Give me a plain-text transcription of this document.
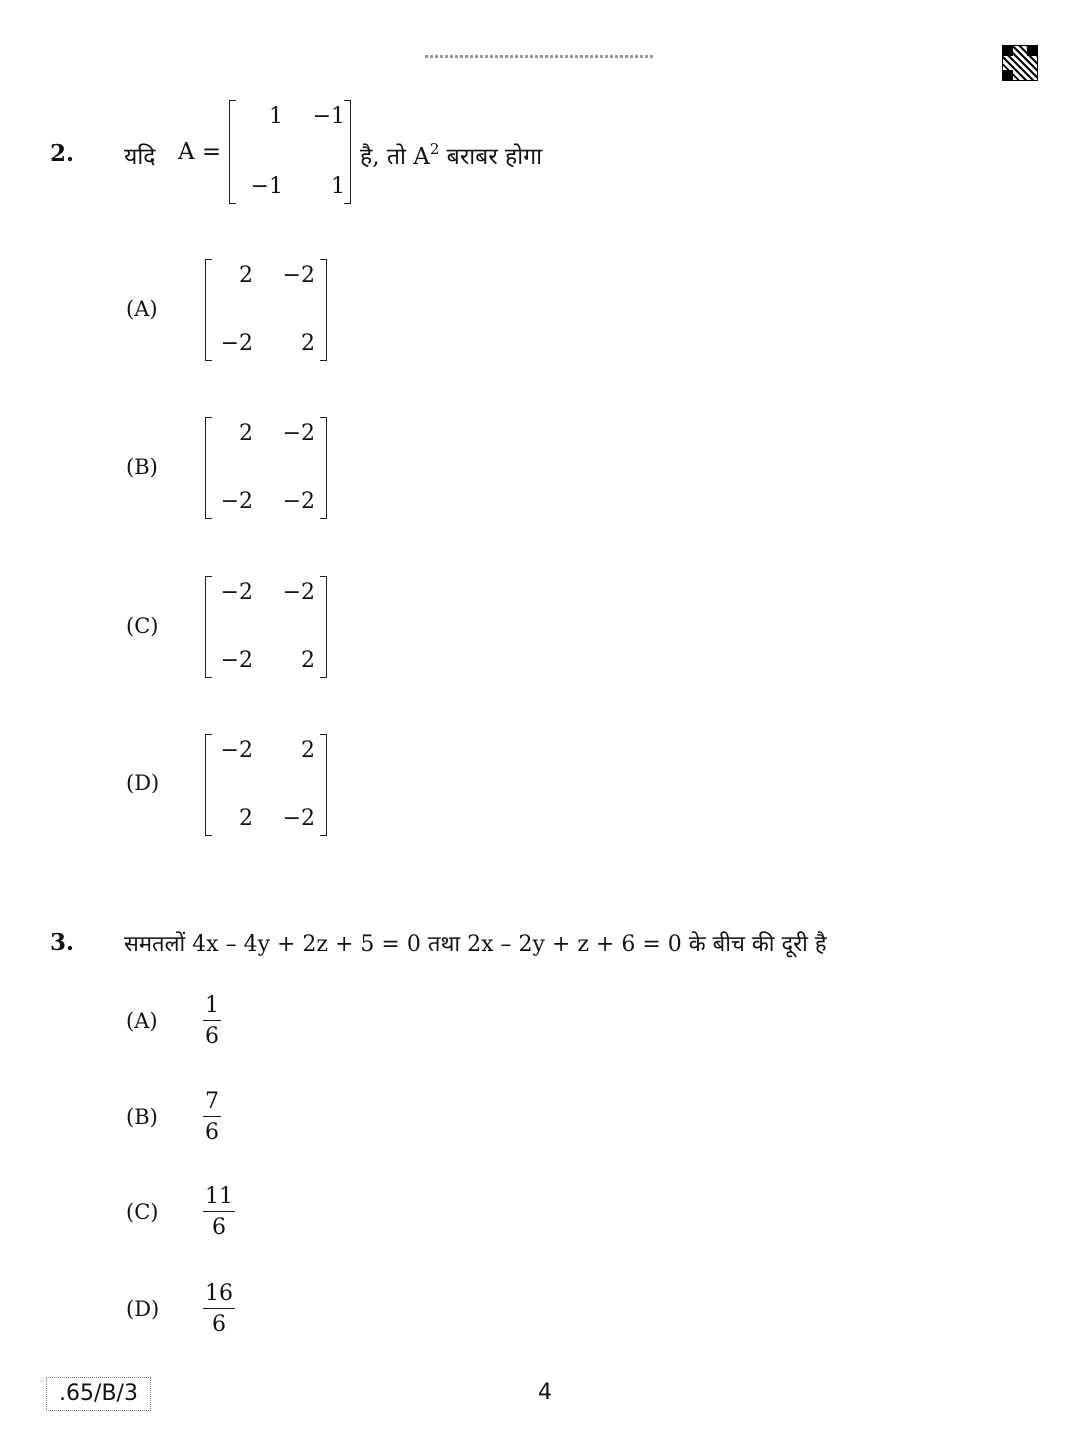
2. यदि A =
1	−1
−1	1
है, तो $A^2$ बराबर होगा
(A)
2	−2
−2	2
(B)
2	−2
−2	−2
(C)
−2	−2
−2	2
(D)
−2	2
2	−2
3. समतलों 4x – 4y + 2z + 5 = 0 तथा 2x – 2y + z + 6 = 0 के बीच की दूरी है
$(A) \frac{1}{6}$
$(B) \frac{7}{6}$
$(C) \frac{11}{6}$
$(D) \frac{16}{6}$
.65/B/3	4
